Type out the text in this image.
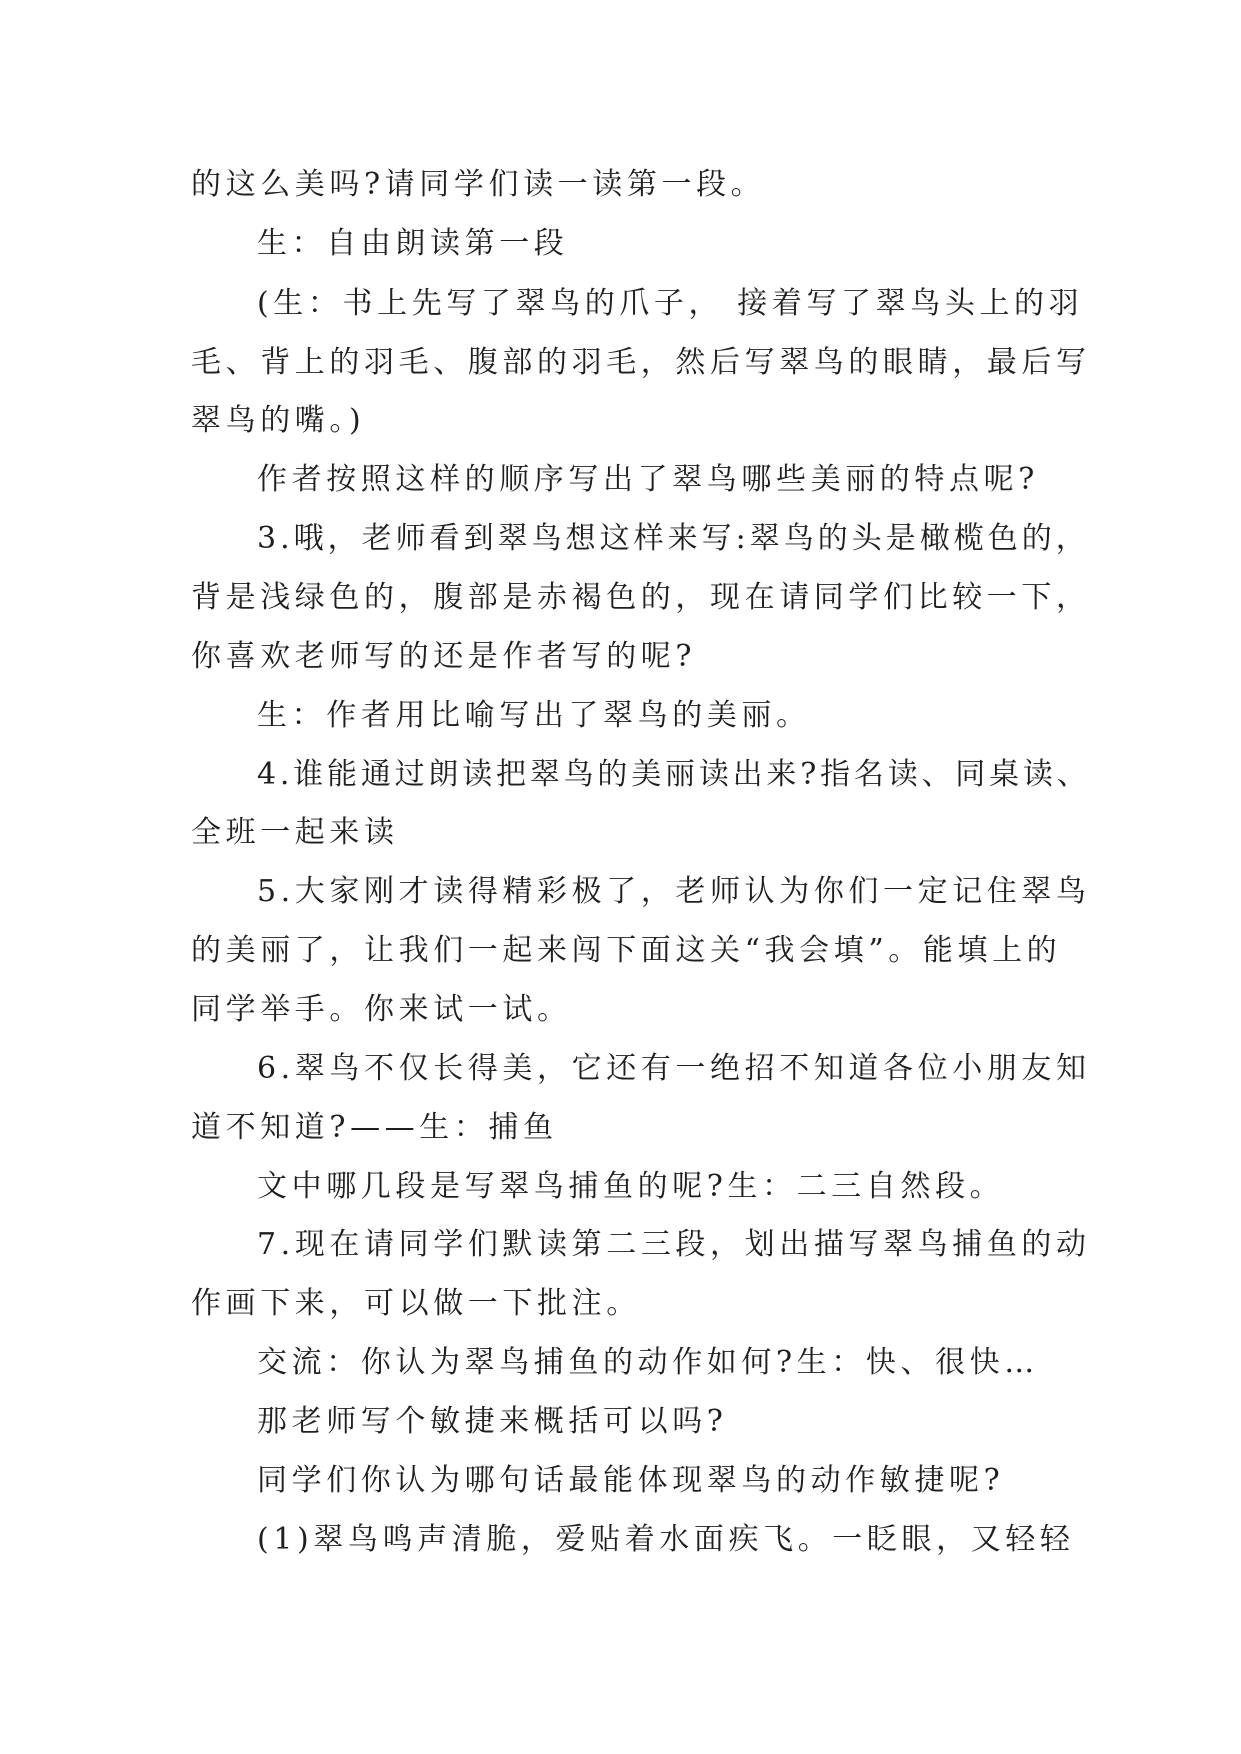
的这么美吗?请同学们读一读第一段。

生：自由朗读第一段

(生：书上先写了翠鸟的爪子， 接着写了翠鸟头上的羽

毛、背上的羽毛、腹部的羽毛，然后写翠鸟的眼睛，最后写

翠鸟的嘴。)

作者按照这样的顺序写出了翠鸟哪些美丽的特点呢?

3.哦，老师看到翠鸟想这样来写:翠鸟的头是橄榄色的，

背是浅绿色的，腹部是赤褐色的，现在请同学们比较一下，

你喜欢老师写的还是作者写的呢?

生：作者用比喻写出了翠鸟的美丽。

4.谁能通过朗读把翠鸟的美丽读出来?指名读、同桌读、

全班一起来读

5.大家刚才读得精彩极了，老师认为你们一定记住翠鸟

的美丽了，让我们一起来闯下面这关“我会填”。能填上的

同学举手。你来试一试。

6.翠鸟不仅长得美，它还有一绝招不知道各位小朋友知

道不知道?——生：捕鱼

文中哪几段是写翠鸟捕鱼的呢?生：二三自然段。

7.现在请同学们默读第二三段，划出描写翠鸟捕鱼的动

作画下来，可以做一下批注。

交流：你认为翠鸟捕鱼的动作如何?生：快、很快…

那老师写个敏捷来概括可以吗?

同学们你认为哪句话最能体现翠鸟的动作敏捷呢?

(1)翠鸟鸣声清脆，爱贴着水面疾飞。一眨眼，又轻轻
